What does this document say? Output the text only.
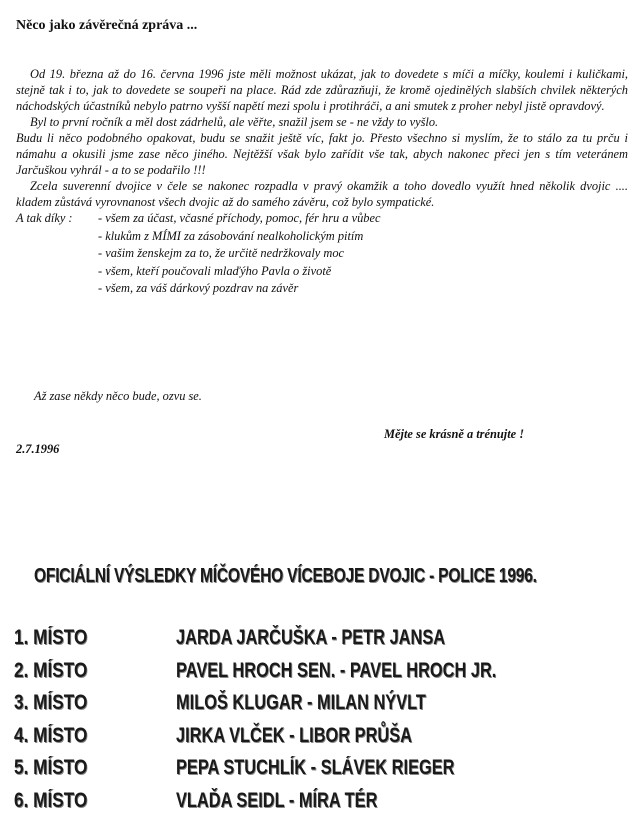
Něco jako závěrečná zpráva ...

Od 19. března až do 16. června 1996 jste měli možnost ukázat, jak to dovedete s míči a míčky, koulemi i kuličkami, stejně tak i to, jak to dovedete se soupeři na place. Rád zde zdůrazňuji, že kromě ojedinělých slabších chvilek některých náchodských účastníků nebylo patrno vyšší napětí mezi spolu i protihráči, a ani smutek z proher nebyl jistě opravdový.

Byl to první ročník a měl dost zádrhelů, ale věřte, snažil jsem se - ne vždy to vyšlo.

Budu li něco podobného opakovat, budu se snažit ještě víc, fakt jo. Přesto všechno si myslím, že to stálo za tu prču i námahu a okusili jsme zase něco jiného. Nejtěžší však bylo zařídit vše tak, abych nakonec přeci jen s tím veteránem Jarčuškou vyhrál - a to se podařilo !!!

Zcela suverenní dvojice v čele se nakonec rozpadla v pravý okamžik a toho dovedlo využít hned několik dvojic .... kladem zůstává vyrovnanost všech dvojic až do samého závěru, což bylo sympatické.

A tak díky :	- všem za účast, včasné příchody, pomoc, fér hru a vůbec
- klukům z MÍMI za zásobování nealkoholickým pitím
- vašim ženskejm za to, že určitě nedržkovaly moc
- všem, kteří poučovali mlaďýho Pavla o životě
- všem, za váš dárkový pozdrav na závěr
Až zase někdy něco bude, ozvu se.
Mějte se krásně a trénujte !
2.7.1996
OFICIÁLNÍ VÝSLEDKY MÍČOVÉHO VÍCEBOJE DVOJIC - POLICE 1996.
1. MÍSTO	JARDA JARČUŠKA - PETR JANSA
2. MÍSTO	PAVEL HROCH SEN. - PAVEL HROCH JR.
3. MÍSTO	MILOŠ KLUGAR - MILAN NÝVLT
4. MÍSTO	JIRKA VLČEK - LIBOR PRŮŠA
5. MÍSTO	PEPA STUCHLÍK - SLÁVEK RIEGER
6. MÍSTO	VLAĎA SEIDL - MÍRA TÉR
